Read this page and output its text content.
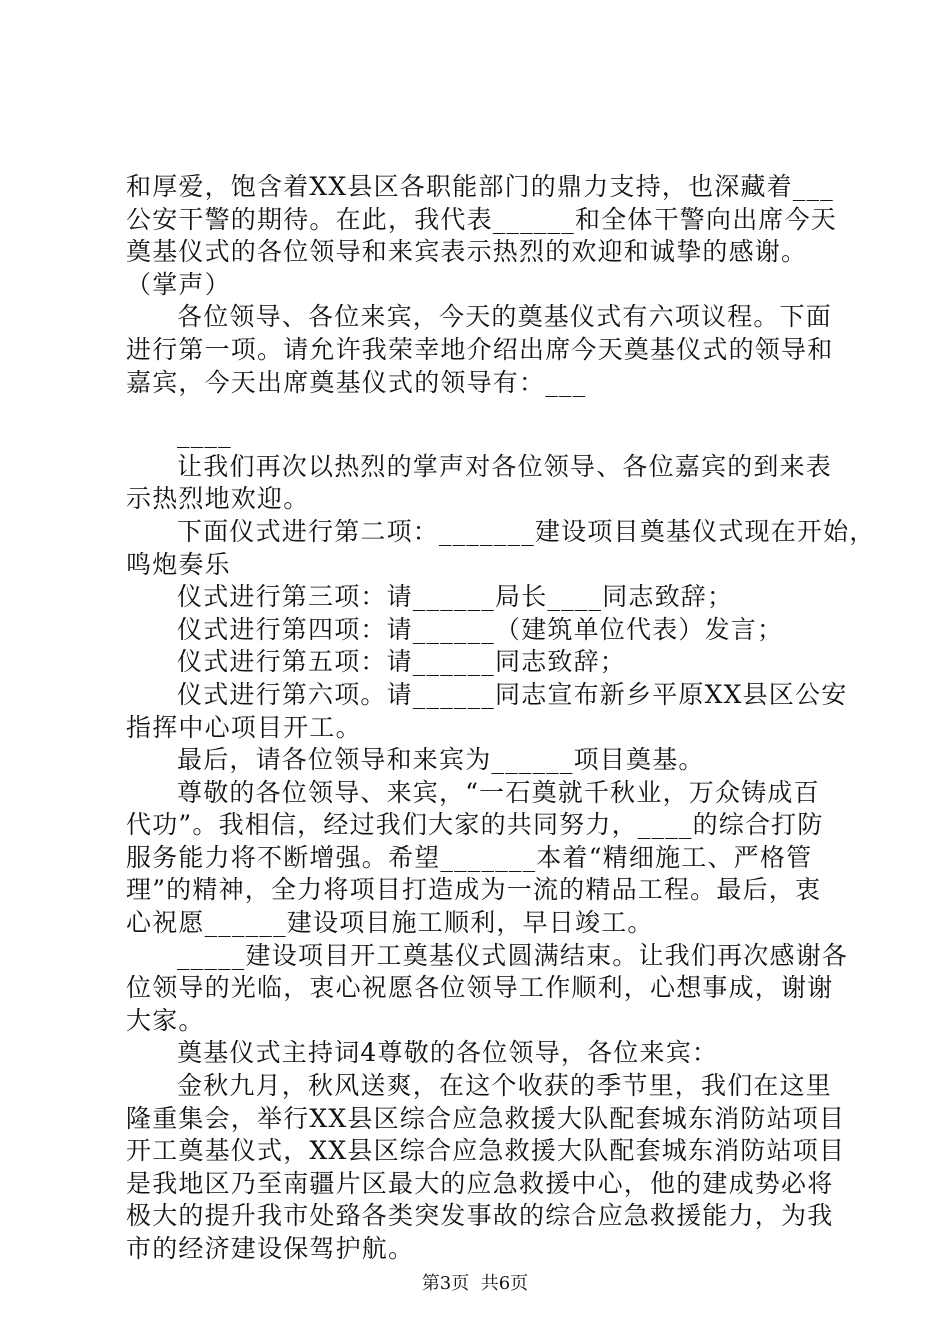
和厚爱，饱含着XX县区各职能部门的鼎力支持，也深藏着___
公安干警的期待。在此，我代表______和全体干警向出席今天
奠基仪式的各位领导和来宾表示热烈的欢迎和诚挚的感谢。
（掌声）
各位领导、各位来宾，今天的奠基仪式有六项议程。下面
进行第一项。请允许我荣幸地介绍出席今天奠基仪式的领导和
嘉宾，今天出席奠基仪式的领导有：___
____
让我们再次以热烈的掌声对各位领导、各位嘉宾的到来表
示热烈地欢迎。
下面仪式进行第二项：_______建设项目奠基仪式现在开始，
鸣炮奏乐
仪式进行第三项：请______局长____同志致辞；
仪式进行第四项：请______（建筑单位代表）发言；
仪式进行第五项：请______同志致辞；
仪式进行第六项。请______同志宣布新乡平原XX县区公安
指挥中心项目开工。
最后，请各位领导和来宾为______项目奠基。
尊敬的各位领导、来宾，“一石奠就千秋业，万众铸成百
代功”。我相信，经过我们大家的共同努力，____的综合打防
服务能力将不断增强。希望_______本着“精细施工、严格管
理”的精神，全力将项目打造成为一流的精品工程。最后，衷
心祝愿______建设项目施工顺利，早日竣工。
_____建设项目开工奠基仪式圆满结束。让我们再次感谢各
位领导的光临，衷心祝愿各位领导工作顺利，心想事成，谢谢
大家。
奠基仪式主持词4尊敬的各位领导，各位来宾：
金秋九月，秋风送爽，在这个收获的季节里，我们在这里
隆重集会，举行XX县区综合应急救援大队配套城东消防站项目
开工奠基仪式，XX县区综合应急救援大队配套城东消防站项目
是我地区乃至南疆片区最大的应急救援中心，他的建成势必将
极大的提升我市处臵各类突发事故的综合应急救援能力，为我
市的经济建设保驾护航。
第3页  共6页
